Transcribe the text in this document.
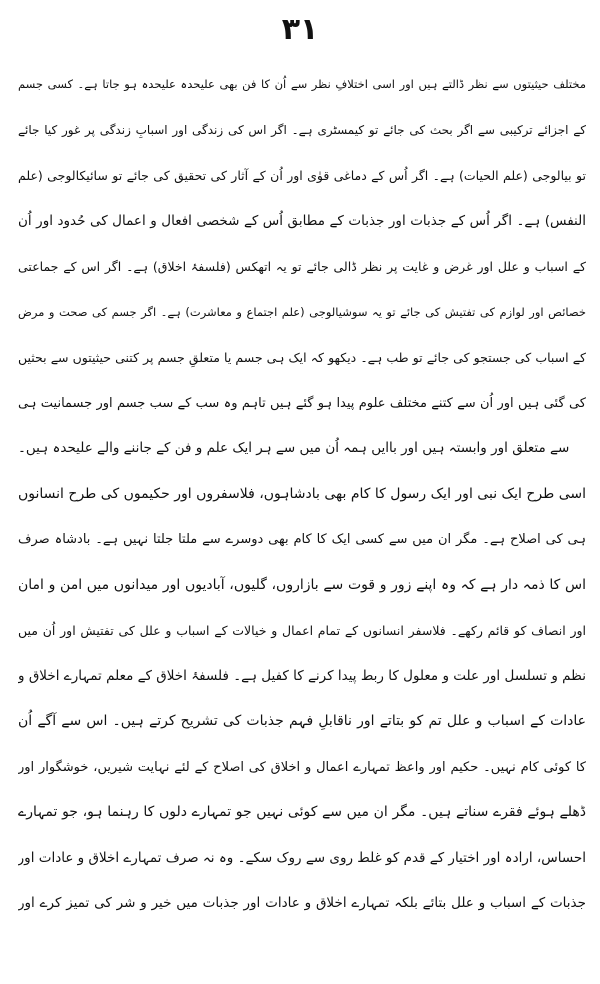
۳۱
مختلف حیثیتوں سے نظر ڈالتے ہیں اور اسی اختلافِ نظر سے اُن کا فن بھی علیحدہ علیحدہ ہو جاتا ہے۔ کسی جسم
کے اجزائے ترکیبی سے اگر بحث کی جائے تو کیمسٹری ہے۔ اگر اس کی زندگی اور اسبابِ زندگی پر غور کیا جائے
تو بیالوجی (علم الحیات) ہے۔ اگر اُس کے دماغی قوٰی اور اُن کے آثار کی تحقیق کی جائے تو سائیکالوجی (علم
النفس) ہے۔ اگر اُس کے جذبات اور جذبات کے مطابق اُس کے شخصی افعال و اعمال کی حُدود اور اُن
کے اسباب و علل اور غرض و غایت پر نظر ڈالی جائے تو یہ اتھکس (فلسفۂ اخلاق) ہے۔ اگر اس کے جماعتی
خصائص اور لوازم کی تفتیش کی جائے تو یہ سوشیالوجی (علم اجتماع و معاشرت) ہے۔ اگر جسم کی صحت و مرض
کے اسباب کی جستجو کی جائے تو طب ہے۔ دیکھو کہ ایک ہی جسم یا متعلقِ جسم پر کتنی حیثیتوں سے بحثیں
کی گئی ہیں اور اُن سے کتنے مختلف علوم پیدا ہو گئے ہیں تاہم وہ سب کے سب جسم اور جسمانیت ہی
سے متعلق اور وابستہ ہیں اور باایں ہمہ اُن میں سے ہر ایک علم و فن کے جاننے والے علیحدہ ہیں۔
اسی طرح ایک نبی اور ایک رسول کا کام بھی بادشاہوں، فلاسفروں اور حکیموں کی طرح انسانوں
ہی کی اصلاح ہے۔ مگر ان میں سے کسی ایک کا کام بھی دوسرے سے ملتا جلتا نہیں ہے۔ بادشاہ صرف
اس کا ذمہ دار ہے کہ وہ اپنے زور و قوت سے بازاروں، گلیوں، آبادیوں اور میدانوں میں امن و امان
اور انصاف کو قائم رکھے۔ فلاسفر انسانوں کے تمام اعمال و خیالات کے اسباب و علل کی تفتیش اور اُن میں
نظم و تسلسل اور علت و معلول کا ربط پیدا کرنے کا کفیل ہے۔ فلسفۂ اخلاق کے معلم تمہارے اخلاق و
عادات کے اسباب و علل تم کو بتاتے اور ناقابلِ فہم جذبات کی تشریح کرتے ہیں۔ اس سے آگے اُن
کا کوئی کام نہیں۔ حکیم اور واعظ تمہارے اعمال و اخلاق کی اصلاح کے لئے نہایت شیریں، خوشگوار اور
ڈھلے ہوئے فقرے سناتے ہیں۔ مگر ان میں سے کوئی نہیں جو تمہارے دلوں کا رہنما ہو، جو تمہارے
احساس، ارادہ اور اختیار کے قدم کو غلط روی سے روک سکے۔ وہ نہ صرف تمہارے اخلاق و عادات اور
جذبات کے اسباب و علل بتائے بلکہ تمہارے اخلاق و عادات اور جذبات میں خیر و شر کی تمیز کرے اور
